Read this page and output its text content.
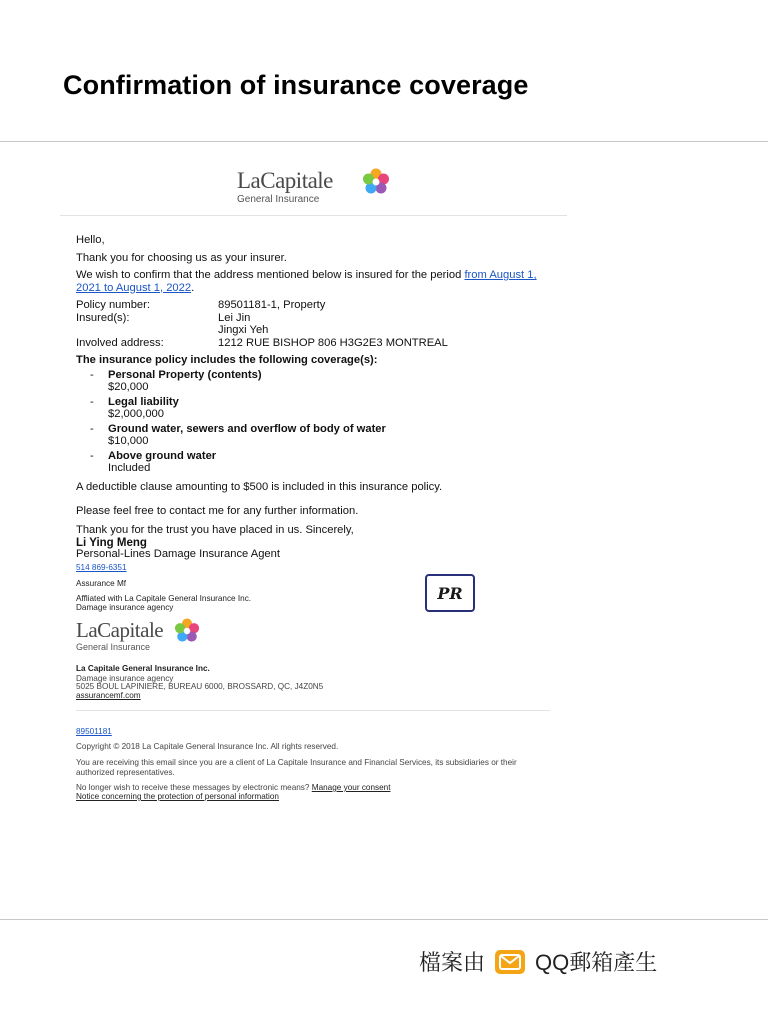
Confirmation of insurance coverage
LaCapitale
General Insurance

Hello,

Thank you for choosing us as your insurer.

We wish to confirm that the address mentioned below is insured for the period from August 1, 2021 to August 1, 2022.

Policy number:	89501181-1, Property
Insured(s):	Lei Jin
Jingxi Yeh
Involved address:	1212 RUE BISHOP 806 H3G2E3 MONTREAL
The insurance policy includes the following coverage(s):
- Personal Property (contents)
$20,000
- Legal liability
$2,000,000
- Ground water, sewers and overflow of body of water
$10,000
- Above ground water
Included

A deductible clause amounting to $500 is included in this insurance policy.

Please feel free to contact me for any further information.

Thank you for the trust you have placed in us. Sincerely,

Li Ying Meng
Personal-Lines Damage Insurance Agent
514 869-6351
Assurance Mf
Affliated with La Capitale General Insurance Inc.
Damage insurance agency
PR
LaCapitale
General Insurance
La Capitale General Insurance Inc.
Damage insurance agency
5025 BOUL LAPINIERE, BUREAU 6000, BROSSARD, QC, J4Z0N5
assurancemf.com
89501181
Copyright © 2018 La Capitale General Insurance Inc. All rights reserved.
You are receiving this email since you are a client of La Capitale Insurance and Financial Services, its subsidiaries or their authorized representatives.
No longer wish to receive these messages by electronic means? Manage your consent
Notice concerning the protection of personal information
檔案由 QQ郵箱產生
